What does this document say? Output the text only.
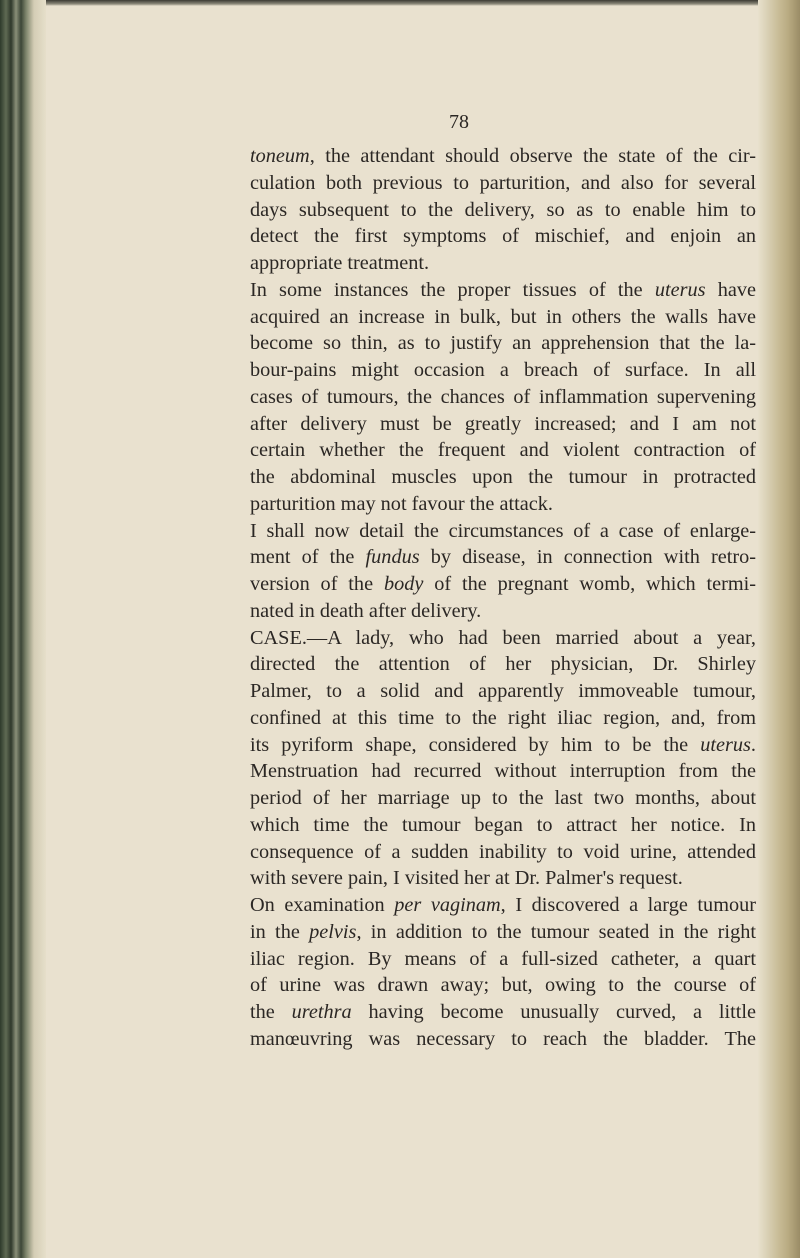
78
toneum, the attendant should observe the state of the cir-
culation both previous to parturition, and also for several
days subsequent to the delivery, so as to enable him to
detect the first symptoms of mischief, and enjoin an
appropriate treatment.
In some instances the proper tissues of the uterus have
acquired an increase in bulk, but in others the walls have
become so thin, as to justify an apprehension that the la-
bour-pains might occasion a breach of surface. In all
cases of tumours, the chances of inflammation supervening
after delivery must be greatly increased; and I am not
certain whether the frequent and violent contraction of
the abdominal muscles upon the tumour in protracted
parturition may not favour the attack.
I shall now detail the circumstances of a case of enlarge-
ment of the fundus by disease, in connection with retro-
version of the body of the pregnant womb, which termi-
nated in death after delivery.
CASE.—A lady, who had been married about a year,
directed the attention of her physician, Dr. Shirley
Palmer, to a solid and apparently immoveable tumour,
confined at this time to the right iliac region, and, from
its pyriform shape, considered by him to be the uterus.
Menstruation had recurred without interruption from the
period of her marriage up to the last two months, about
which time the tumour began to attract her notice. In
consequence of a sudden inability to void urine, attended
with severe pain, I visited her at Dr. Palmer's request.
On examination per vaginam, I discovered a large tumour
in the pelvis, in addition to the tumour seated in the right
iliac region. By means of a full-sized catheter, a quart
of urine was drawn away; but, owing to the course of
the urethra having become unusually curved, a little
manœuvring was necessary to reach the bladder. The
